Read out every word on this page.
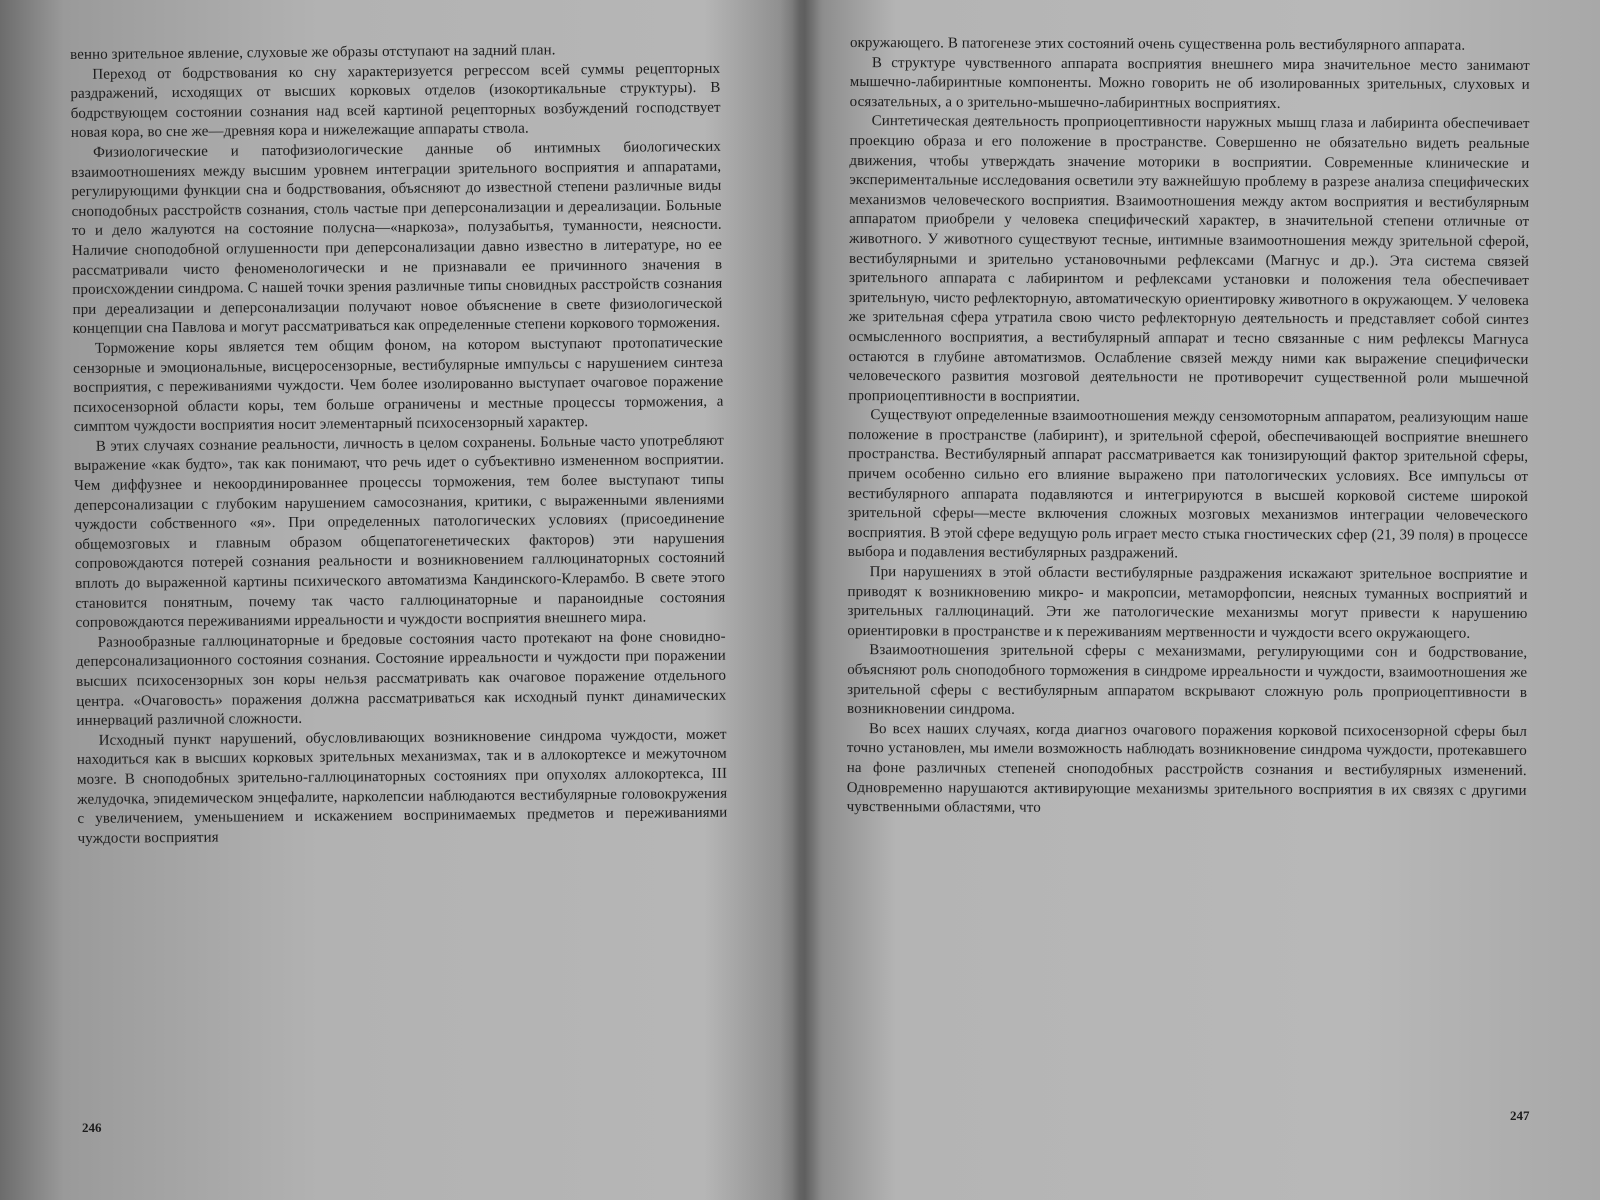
венно зрительное явление, слуховые же образы отступают на задний план.

Переход от бодрствования ко сну характеризуется регрессом всей суммы рецепторных раздражений, исходящих от высших корковых отделов (изокортикальные структуры). В бодрствующем состоянии сознания над всей картиной рецепторных возбуждений господствует новая кора, во сне же—древняя кора и нижележащие аппараты ствола.

Физиологические и патофизиологические данные об интимных биологических взаимоотношениях между высшим уровнем интеграции зрительного восприятия и аппаратами, регулирующими функции сна и бодрствования, объясняют до известной степени различные виды сноподобных расстройств сознания, столь частые при деперсонализации и дереализации. Больные то и дело жалуются на состояние полусна—«наркоза», полузабытья, туманности, неясности. Наличие сноподобной оглушенности при деперсонализации давно известно в литературе, но ее рассматривали чисто феноменологически и не признавали ее причинного значения в происхождении синдрома. С нашей точки зрения различные типы сновидных расстройств сознания при дереализации и деперсонализации получают новое объяснение в свете физиологической концепции сна Павлова и могут рассматриваться как определенные степени коркового торможения.

Торможение коры является тем общим фоном, на котором выступают протопатические сензорные и эмоциональные, висцеросензорные, вестибулярные импульсы с нарушением синтеза восприятия, с переживаниями чуждости. Чем более изолированно выступает очаговое поражение психосензорной области коры, тем больше ограничены и местные процессы торможения, а симптом чуждости восприятия носит элементарный психосензорный характер.

В этих случаях сознание реальности, личность в целом сохранены. Больные часто употребляют выражение «как будто», так как понимают, что речь идет о субъективно измененном восприятии. Чем диффузнее и некоординированнее процессы торможения, тем более выступают типы деперсонализации с глубоким нарушением самосознания, критики, с выраженными явлениями чуждости собственного «я». При определенных патологических условиях (присоединение общемозговых и главным образом общепатогенетических факторов) эти нарушения сопровождаются потерей сознания реальности и возникновением галлюцинаторных состояний вплоть до выраженной картины психического автоматизма Кандинского-Клерамбо. В свете этого становится понятным, почему так часто галлюцинаторные и параноидные состояния сопровождаются переживаниями ирреальности и чуждости восприятия внешнего мира.

Разнообразные галлюцинаторные и бредовые состояния часто протекают на фоне сновидно-деперсонализационного состояния сознания. Состояние ирреальности и чуждости при поражении высших психосензорных зон коры нельзя рассматривать как очаговое поражение отдельного центра. «Очаговость» поражения должна рассматриваться как исходный пункт динамических иннерваций различной сложности.

Исходный пункт нарушений, обусловливающих возникновение синдрома чуждости, может находиться как в высших корковых зрительных механизмах, так и в аллокортексе и межуточном мозге. В сноподобных зрительно-галлюцинаторных состояниях при опухолях аллокортекса, III желудочка, эпидемическом энцефалите, нарколепсии наблюдаются вестибулярные головокружения с увеличением, уменьшением и искажением воспринимаемых предметов и переживаниями чуждости восприятия

246

окружающего. В патогенезе этих состояний очень существенна роль вестибулярного аппарата.

В структуре чувственного аппарата восприятия внешнего мира значительное место занимают мышечно-лабиринтные компоненты. Можно говорить не об изолированных зрительных, слуховых и осязательных, а о зрительно-мышечно-лабиринтных восприятиях.

Синтетическая деятельность проприоцептивности наружных мышц глаза и лабиринта обеспечивает проекцию образа и его положение в пространстве. Совершенно не обязательно видеть реальные движения, чтобы утверждать значение моторики в восприятии. Современные клинические и экспериментальные исследования осветили эту важнейшую проблему в разрезе анализа специфических механизмов человеческого восприятия. Взаимоотношения между актом восприятия и вестибулярным аппаратом приобрели у человека специфический характер, в значительной степени отличные от животного. У животного существуют тесные, интимные взаимоотношения между зрительной сферой, вестибулярными и зрительно установочными рефлексами (Магнус и др.). Эта система связей зрительного аппарата с лабиринтом и рефлексами установки и положения тела обеспечивает зрительную, чисто рефлекторную, автоматическую ориентировку животного в окружающем. У человека же зрительная сфера утратила свою чисто рефлекторную деятельность и представляет собой синтез осмысленного восприятия, а вестибулярный аппарат и тесно связанные с ним рефлексы Магнуса остаются в глубине автоматизмов. Ослабление связей между ними как выражение специфически человеческого развития мозговой деятельности не противоречит существенной роли мышечной проприоцептивности в восприятии.

Существуют определенные взаимоотношения между сензомоторным аппаратом, реализующим наше положение в пространстве (лабиринт), и зрительной сферой, обеспечивающей восприятие внешнего пространства. Вестибулярный аппарат рассматривается как тонизирующий фактор зрительной сферы, причем особенно сильно его влияние выражено при патологических условиях. Все импульсы от вестибулярного аппарата подавляются и интегрируются в высшей корковой системе широкой зрительной сферы—месте включения сложных мозговых механизмов интеграции человеческого восприятия. В этой сфере ведущую роль играет место стыка гностических сфер (21, 39 поля) в процессе выбора и подавления вестибулярных раздражений.

При нарушениях в этой области вестибулярные раздражения искажают зрительное восприятие и приводят к возникновению микро- и макропсии, метаморфопсии, неясных туманных восприятий и зрительных галлюцинаций. Эти же патологические механизмы могут привести к нарушению ориентировки в пространстве и к переживаниям мертвенности и чуждости всего окружающего.

Взаимоотношения зрительной сферы с механизмами, регулирующими сон и бодрствование, объясняют роль сноподобного торможения в синдроме ирреальности и чуждости, взаимоотношения же зрительной сферы с вестибулярным аппаратом вскрывают сложную роль проприоцептивности в возникновении синдрома.

Во всех наших случаях, когда диагноз очагового поражения корковой психосензорной сферы был точно установлен, мы имели возможность наблюдать возникновение синдрома чуждости, протекавшего на фоне различных степеней сноподобных расстройств сознания и вестибулярных изменений. Одновременно нарушаются активирующие механизмы зрительного восприятия в их связях с другими чувственными областями, что

247
